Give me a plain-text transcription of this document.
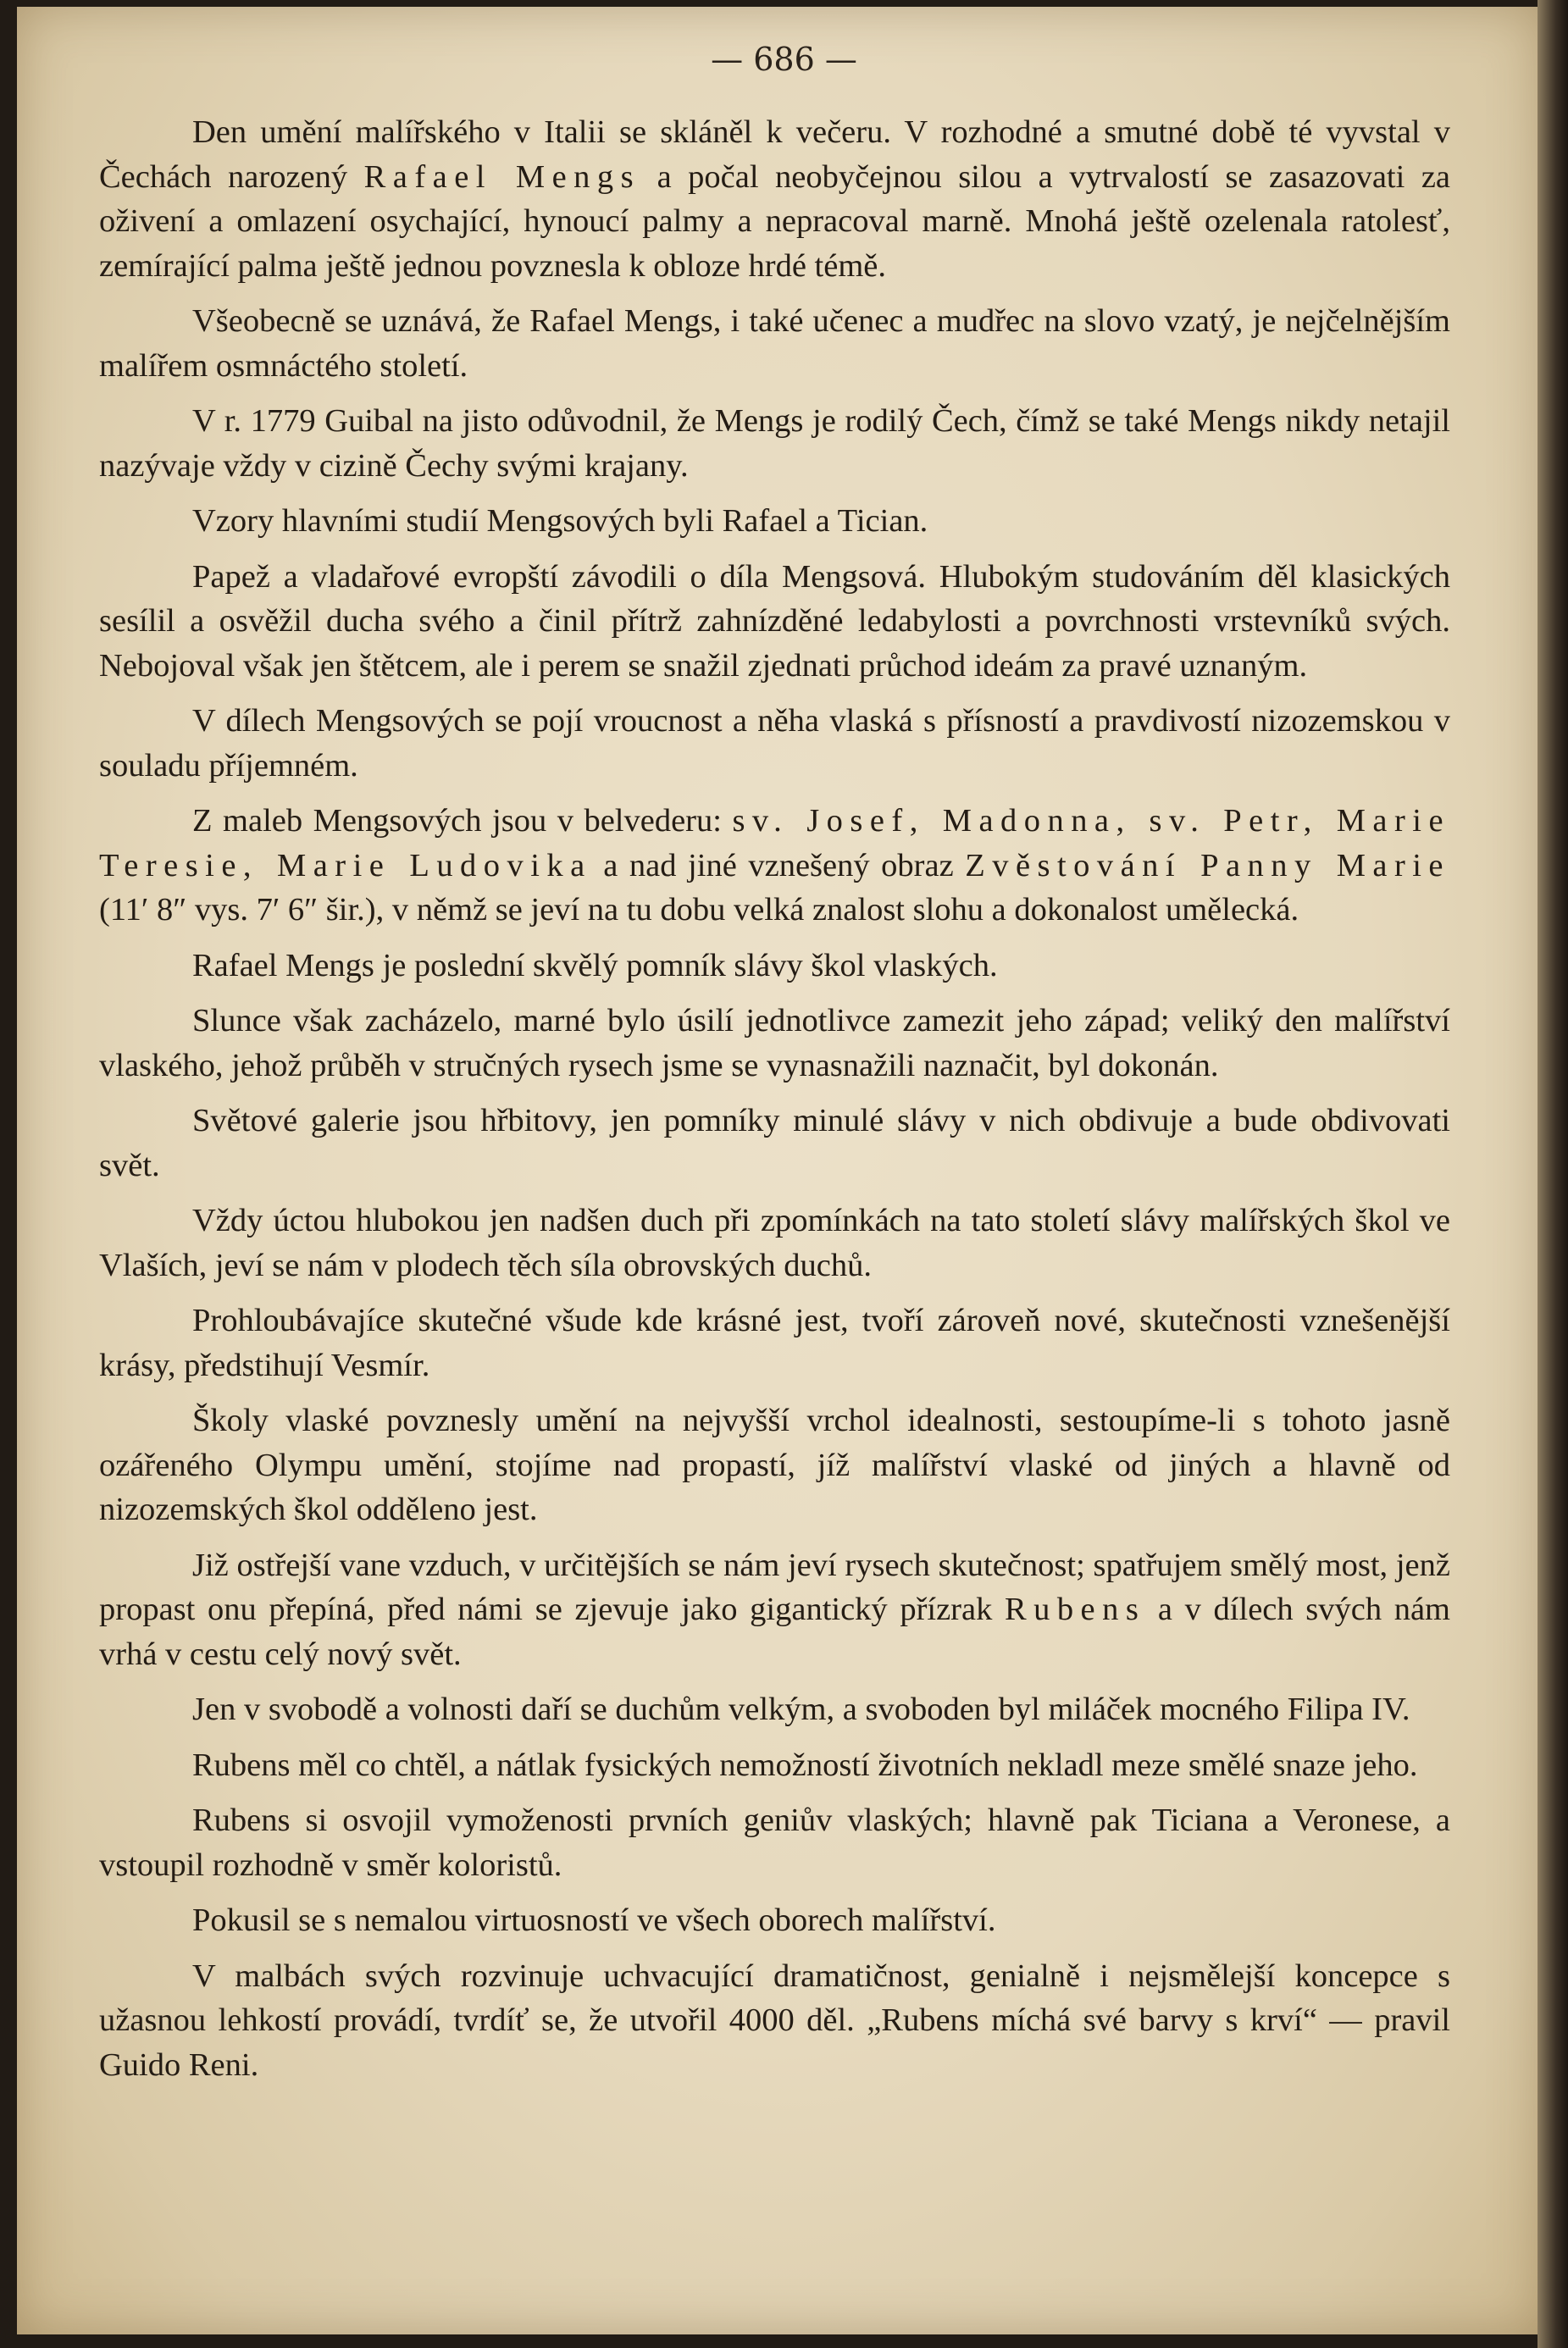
— 686 —

Den umění malířského v Italii se skláněl k večeru. V rozhodné a smutné době té vyvstal v Čechách narozený Rafael Mengs a počal neobyčejnou silou a vytrvalostí se zasazovati za oživení a omlazení osychající, hynoucí palmy a nepracoval marně. Mnohá ještě ozelenala ratolesť, zemírající palma ještě jednou povznesla k obloze hrdé témě.

Všeobecně se uznává, že Rafael Mengs, i také učenec a mudřec na slovo vzatý, je nejčelnějším malířem osmnáctého století.

V r. 1779 Guibal na jisto odůvodnil, že Mengs je rodilý Čech, čímž se také Mengs nikdy netajil nazývaje vždy v cizině Čechy svými krajany.

Vzory hlavními studií Mengsových byli Rafael a Tician.

Papež a vladařové evropští závodili o díla Mengsová. Hlubokým studováním děl klasických sesílil a osvěžil ducha svého a činil přítrž zahnízděné ledabylosti a povrchnosti vrstevníků svých. Nebojoval však jen štětcem, ale i perem se snažil zjednati průchod ideám za pravé uznaným.

V dílech Mengsových se pojí vroucnost a něha vlaská s přísností a pravdivostí nizozemskou v souladu příjemném.

Z maleb Mengsových jsou v belvederu: sv. Josef, Madonna, sv. Petr, Marie Teresie, Marie Ludovika a nad jiné vznešený obraz Zvěstování Panny Marie (11′ 8″ vys. 7′ 6″ šir.), v němž se jeví na tu dobu velká znalost slohu a dokonalost umělecká.

Rafael Mengs je poslední skvělý pomník slávy škol vlaských.

Slunce však zacházelo, marné bylo úsilí jednotlivce zamezit jeho západ; veliký den malířství vlaského, jehož průběh v stručných rysech jsme se vynasnažili naznačit, byl dokonán.

Světové galerie jsou hřbitovy, jen pomníky minulé slávy v nich obdivuje a bude obdivovati svět.

Vždy úctou hlubokou jen nadšen duch při zpomínkách na tato století slávy malířských škol ve Vlaších, jeví se nám v plodech těch síla obrovských duchů.

Prohloubávajíce skutečné všude kde krásné jest, tvoří zároveň nové, skutečnosti vznešenější krásy, předstihují Vesmír.

Školy vlaské povznesly umění na nejvyšší vrchol idealnosti, sestoupíme-li s tohoto jasně ozářeného Olympu umění, stojíme nad propastí, jíž malířství vlaské od jiných a hlavně od nizozemských škol odděleno jest.

Již ostřejší vane vzduch, v určitějších se nám jeví rysech skutečnost; spatřujem smělý most, jenž propast onu přepíná, před námi se zjevuje jako gigantický přízrak Rubens a v dílech svých nám vrhá v cestu celý nový svět.

Jen v svobodě a volnosti daří se duchům velkým, a svoboden byl miláček mocného Filipa IV.

Rubens měl co chtěl, a nátlak fysických nemožností životních nekladl meze smělé snaze jeho.

Rubens si osvojil vymoženosti prvních geniův vlaských; hlavně pak Ticiana a Veronese, a vstoupil rozhodně v směr koloristů.

Pokusil se s nemalou virtuosností ve všech oborech malířství.

V malbách svých rozvinuje uchvacující dramatičnost, genialně i nejsmělejší koncepce s užasnou lehkostí provádí, tvrdíť se, že utvořil 4000 děl. „Rubens míchá své barvy s krví“ — pravil Guido Reni.
